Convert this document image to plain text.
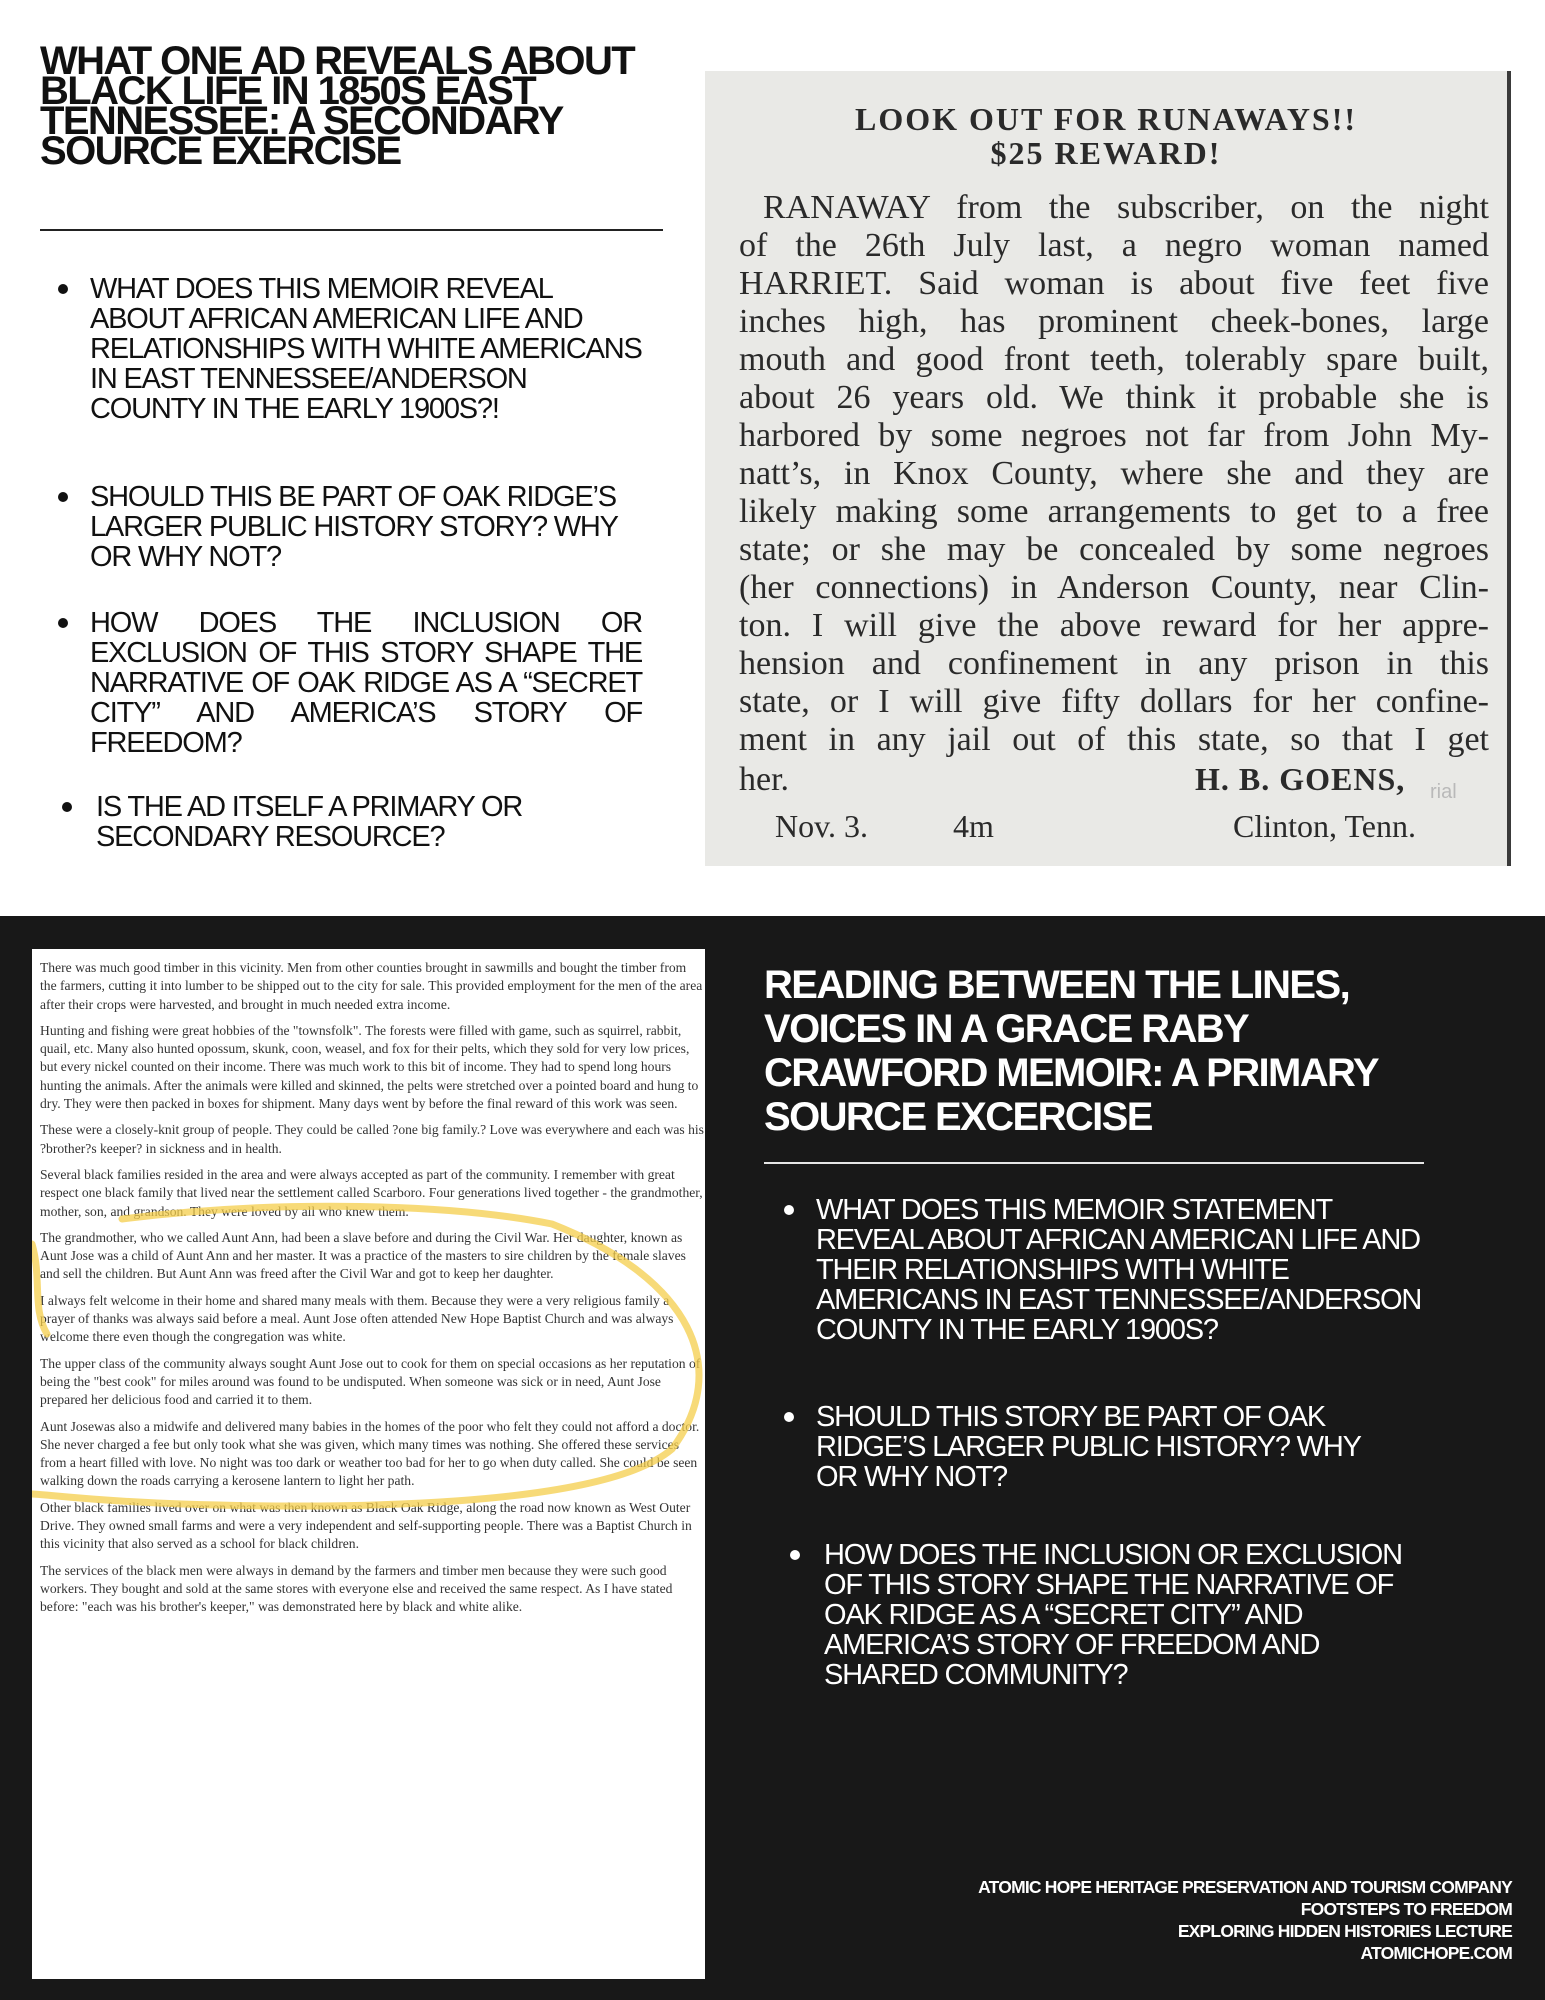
WHAT ONE AD REVEALS ABOUT BLACK LIFE IN 1850S EAST TENNESSEE: A SECONDARY SOURCE EXERCISE
WHAT DOES THIS MEMOIR REVEAL ABOUT AFRICAN AMERICAN LIFE AND RELATIONSHIPS WITH WHITE AMERICANS IN EAST TENNESSEE/ANDERSON COUNTY IN THE EARLY 1900S?!
SHOULD THIS BE PART OF OAK RIDGE’S LARGER PUBLIC HISTORY STORY? WHY OR WHY NOT?
HOW DOES THE INCLUSION OR EXCLUSION OF THIS STORY SHAPE THE NARRATIVE OF OAK RIDGE AS A “SECRET CITY” AND AMERICA’S STORY OF FREEDOM?
IS THE AD ITSELF A PRIMARY OR SECONDARY RESOURCE?
LOOK OUT FOR RUNAWAYS!!
$25 REWARD!
RANAWAY from the subscriber, on the night
of the 26th July last, a negro woman named
HARRIET. Said woman is about five feet five
inches high, has prominent cheek-bones, large
mouth and good front teeth, tolerably spare built,
about 26 years old. We think it probable she is
harbored by some negroes not far from John My-
natt’s, in Knox County, where she and they are
likely making some arrangements to get to a free
state; or she may be concealed by some negroes
(her connections) in Anderson County, near Clin-
ton. I will give the above reward for her appre-
hension and confinement in any prison in this
state, or I will give fifty dollars for her confine-
ment in any jail out of this state, so that I get
her.	H. B. GOENS, rial
Nov. 3.	4m	Clinton, Tenn.

There was much good timber in this vicinity. Men from other counties brought in sawmills and bought the timber from the farmers, cutting it into lumber to be shipped out to the city for sale. This provided employment for the men of the area after their crops were harvested, and brought in much needed extra income.

Hunting and fishing were great hobbies of the "townsfolk". The forests were filled with game, such as squirrel, rabbit, quail, etc. Many also hunted opossum, skunk, coon, weasel, and fox for their pelts, which they sold for very low prices, but every nickel counted on their income. There was much work to this bit of income. They had to spend long hours hunting the animals. After the animals were killed and skinned, the pelts were stretched over a pointed board and hung to dry. They were then packed in boxes for shipment. Many days went by before the final reward of this work was seen.

These were a closely-knit group of people. They could be called ?one big family.? Love was everywhere and each was his ?brother?s keeper? in sickness and in health.

Several black families resided in the area and were always accepted as part of the community. I remember with great respect one black family that lived near the settlement called Scarboro. Four generations lived together - the grandmother, mother, son, and grandson. They were loved by all who knew them.

The grandmother, who we called Aunt Ann, had been a slave before and during the Civil War. Her daughter, known as Aunt Jose was a child of Aunt Ann and her master. It was a practice of the masters to sire children by the female slaves and sell the children. But Aunt Ann was freed after the Civil War and got to keep her daughter.

I always felt welcome in their home and shared many meals with them. Because they were a very religious family a prayer of thanks was always said before a meal. Aunt Jose often attended New Hope Baptist Church and was always welcome there even though the congregation was white.

The upper class of the community always sought Aunt Jose out to cook for them on special occasions as her reputation of being the "best cook" for miles around was found to be undisputed. When someone was sick or in need, Aunt Jose prepared her delicious food and carried it to them.

Aunt Josewas also a midwife and delivered many babies in the homes of the poor who felt they could not afford a doctor. She never charged a fee but only took what she was given, which many times was nothing. She offered these services from a heart filled with love. No night was too dark or weather too bad for her to go when duty called. She could be seen walking down the roads carrying a kerosene lantern to light her path.

Other black families lived over on what was then known as Black Oak Ridge, along the road now known as West Outer Drive. They owned small farms and were a very independent and self-supporting people. There was a Baptist Church in this vicinity that also served as a school for black children.

The services of the black men were always in demand by the farmers and timber men because they were such good workers. They bought and sold at the same stores with everyone else and received the same respect. As I have stated before: "each was his brother's keeper," was demonstrated here by black and white alike.

READING BETWEEN THE LINES, VOICES IN A GRACE RABY CRAWFORD MEMOIR: A PRIMARY SOURCE EXCERCISE
WHAT DOES THIS MEMOIR STATEMENT REVEAL ABOUT AFRICAN AMERICAN LIFE AND THEIR RELATIONSHIPS WITH WHITE AMERICANS IN EAST TENNESSEE/ANDERSON COUNTY IN THE EARLY 1900S?
SHOULD THIS STORY BE PART OF OAK RIDGE’S LARGER PUBLIC HISTORY? WHY OR WHY NOT?
HOW DOES THE INCLUSION OR EXCLUSION OF THIS STORY SHAPE THE NARRATIVE OF OAK RIDGE AS A “SECRET CITY” AND AMERICA’S STORY OF FREEDOM AND SHARED COMMUNITY?
ATOMIC HOPE HERITAGE PRESERVATION AND TOURISM COMPANY
FOOTSTEPS TO FREEDOM
EXPLORING HIDDEN HISTORIES LECTURE
ATOMICHOPE.COM
